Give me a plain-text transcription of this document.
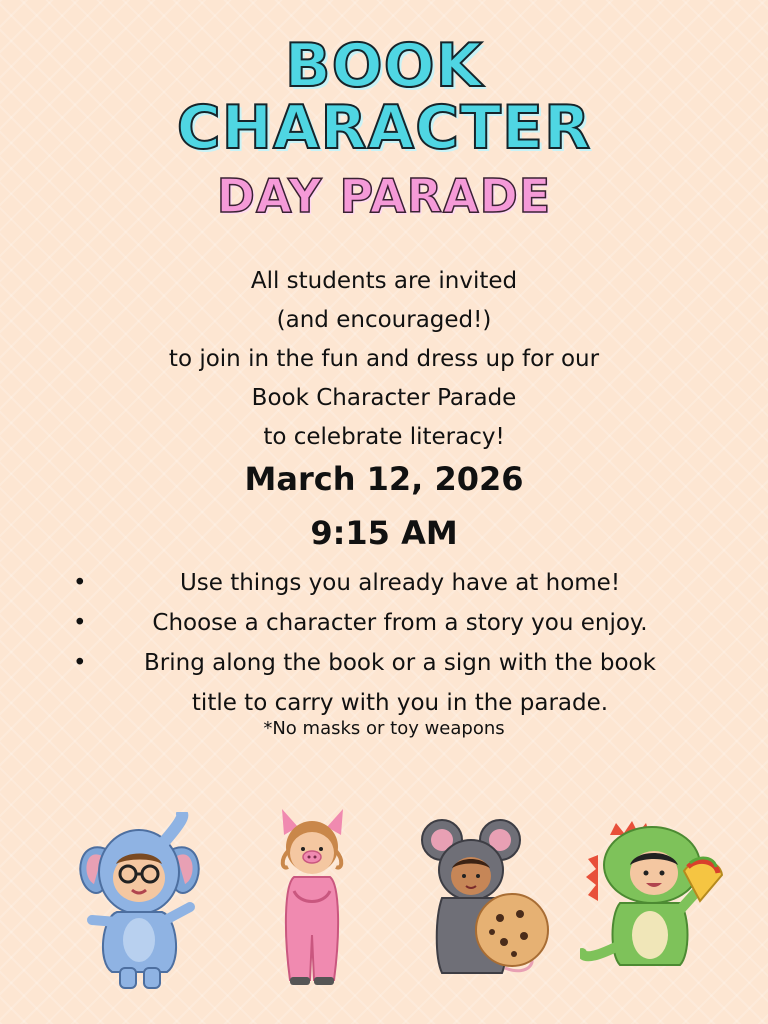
BOOK
CHARACTER
DAY PARADE
All students are invited
(and encouraged!)
to join in the fun and dress up for our
Book Character Parade
to celebrate literacy!
March 12, 2026
9:15 AM
•	Use things you already have at home!
•	Choose a character from a story you enjoy.
•	Bring along the book or a sign with the book
title to carry with you in the parade.
*No masks or toy weapons
